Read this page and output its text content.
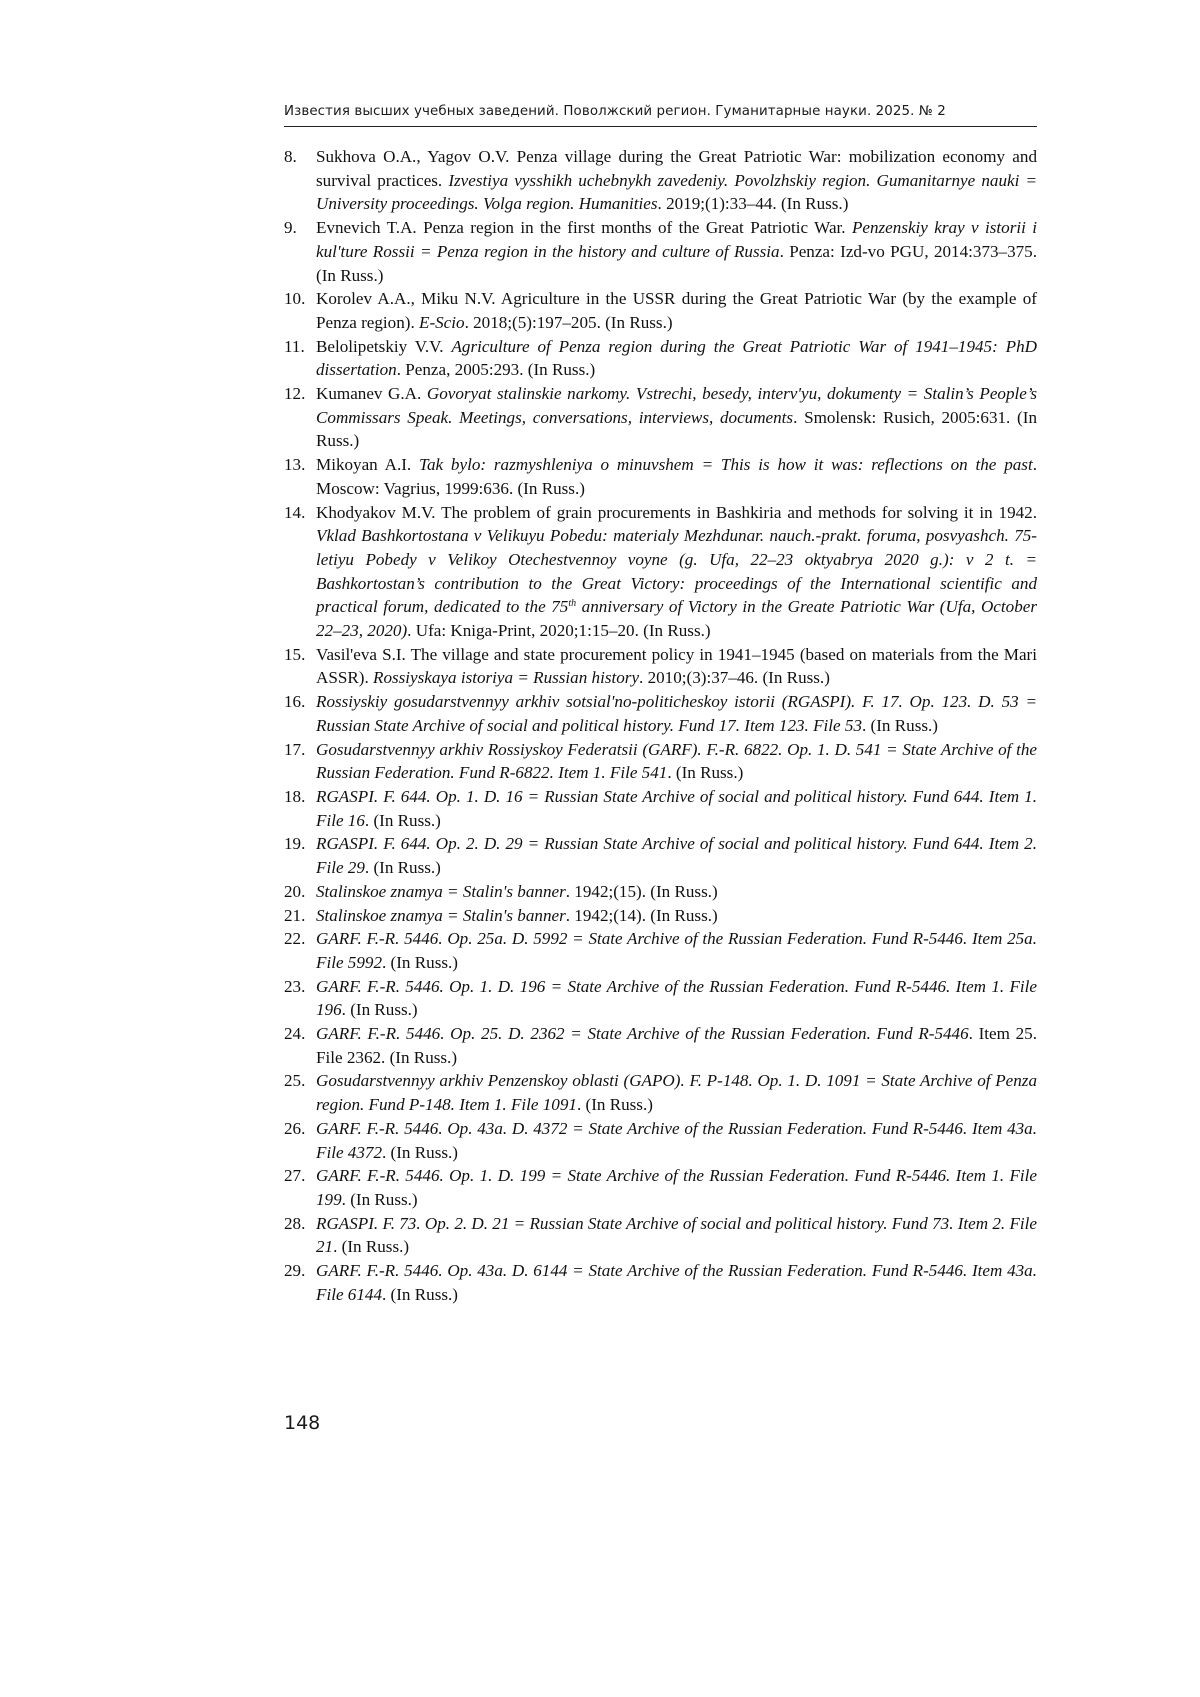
Известия высших учебных заведений. Поволжский регион. Гуманитарные науки. 2025. № 2
8.	Sukhova O.A., Yagov O.V. Penza village during the Great Patriotic War: mobilization economy and survival practices. Izvestiya vysshikh uchebnykh zavedeniy. Povolzhskiy region. Gumanitarnye nauki = University proceedings. Volga region. Humanities. 2019;(1):33–44. (In Russ.)
9.	Evnevich T.A. Penza region in the first months of the Great Patriotic War. Penzenskiy kray v istorii i kul'ture Rossii = Penza region in the history and culture of Russia. Penza: Izd-vo PGU, 2014:373–375. (In Russ.)
10. Korolev A.A., Miku N.V. Agriculture in the USSR during the Great Patriotic War (by the example of Penza region). E-Scio. 2018;(5):197–205. (In Russ.)
11. Belolipetskiy V.V. Agriculture of Penza region during the Great Patriotic War of 1941–1945: PhD dissertation. Penza, 2005:293. (In Russ.)
12. Kumanev G.A. Govoryat stalinskie narkomy. Vstrechi, besedy, interv'yu, dokumenty = Stalin’s People’s Commissars Speak. Meetings, conversations, interviews, documents. Smolensk: Rusich, 2005:631. (In Russ.)
13. Mikoyan A.I. Tak bylo: razmyshleniya o minuvshem = This is how it was: reflections on the past. Moscow: Vagrius, 1999:636. (In Russ.)
14. Khodyakov M.V. The problem of grain procurements in Bashkiria and methods for solving it in 1942. Vklad Bashkortostana v Velikuyu Pobedu: materialy Mezhdunar. nauch.-prakt. foruma, posvyashch. 75-letiyu Pobedy v Velikoy Otechestvennoy voyne (g. Ufa, 22–23 oktyabrya 2020 g.): v 2 t. = Bashkortostan’s contribution to the Great Victory: proceedings of the International scientific and practical forum, dedicated to the 75th anniversary of Victory in the Greate Patriotic War (Ufa, October 22–23, 2020). Ufa: Kniga-Print, 2020;1:15–20. (In Russ.)
15. Vasil'eva S.I. The village and state procurement policy in 1941–1945 (based on materials from the Mari ASSR). Rossiyskaya istoriya = Russian history. 2010;(3):37–46. (In Russ.)
16. Rossiyskiy gosudarstvennyy arkhiv sotsial'no-politicheskoy istorii (RGASPI). F. 17. Op. 123. D. 53 = Russian State Archive of social and political history. Fund 17. Item 123. File 53. (In Russ.)
17. Gosudarstvennyy arkhiv Rossiyskoy Federatsii (GARF). F.-R. 6822. Op. 1. D. 541 = State Archive of the Russian Federation. Fund R-6822. Item 1. File 541. (In Russ.)
18. RGASPI. F. 644. Op. 1. D. 16 = Russian State Archive of social and political history. Fund 644. Item 1. File 16. (In Russ.)
19. RGASPI. F. 644. Op. 2. D. 29 = Russian State Archive of social and political history. Fund 644. Item 2. File 29. (In Russ.)
20. Stalinskoe znamya = Stalin's banner. 1942;(15). (In Russ.)
21. Stalinskoe znamya = Stalin's banner. 1942;(14). (In Russ.)
22. GARF. F.-R. 5446. Op. 25a. D. 5992 = State Archive of the Russian Federation. Fund R-5446. Item 25a. File 5992. (In Russ.)
23. GARF. F.-R. 5446. Op. 1. D. 196 = State Archive of the Russian Federation. Fund R-5446. Item 1. File 196. (In Russ.)
24. GARF. F.-R. 5446. Op. 25. D. 2362 = State Archive of the Russian Federation. Fund R-5446. Item 25. File 2362. (In Russ.)
25. Gosudarstvennyy arkhiv Penzenskoy oblasti (GAPO). F. P-148. Op. 1. D. 1091 = State Archive of Penza region. Fund P-148. Item 1. File 1091. (In Russ.)
26. GARF. F.-R. 5446. Op. 43a. D. 4372 = State Archive of the Russian Federation. Fund R-5446. Item 43a. File 4372. (In Russ.)
27. GARF. F.-R. 5446. Op. 1. D. 199 = State Archive of the Russian Federation. Fund R-5446. Item 1. File 199. (In Russ.)
28. RGASPI. F. 73. Op. 2. D. 21 = Russian State Archive of social and political history. Fund 73. Item 2. File 21. (In Russ.)
29. GARF. F.-R. 5446. Op. 43a. D. 6144 = State Archive of the Russian Federation. Fund R-5446. Item 43a. File 6144. (In Russ.)
148
